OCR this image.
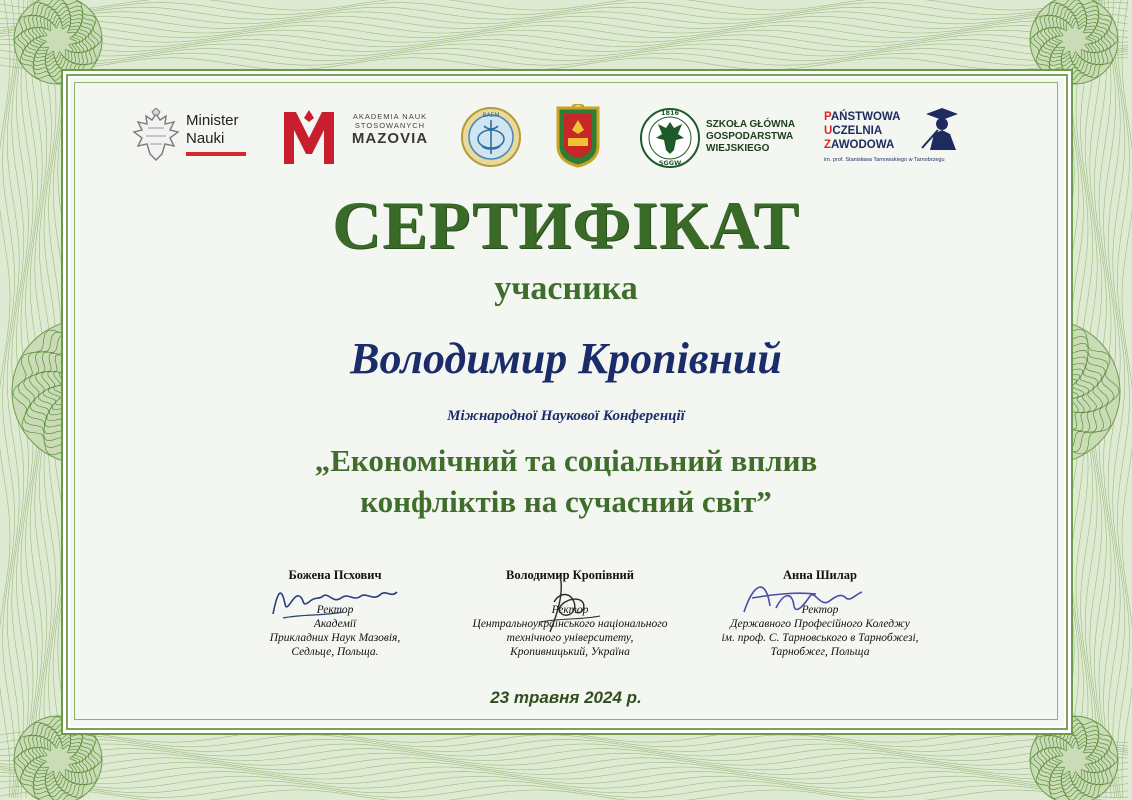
Minister
Nauki
AKADEMIA NAUK
STOSOWANYCH
MAZOVIA
BAEM	1816
SGGW
SZKOŁA GŁÓWNA
GOSPODARSTWA
WIEJSKIEGO
PAŃSTWOWA
UCZELNIA
ZAWODOWA
im. prof. Stanisława Tarnowskiego w Tarnobrzegu
СЕРТИФІКАТ
учасника
Володимир Кропівний
Міжнародної Наукової Конференції
„Економічний та соціальний вплив
конфліктів на сучасний світ”
Божена Псхович
Ректор
Академії
Прикладних Наук Мазовія,
Седльце, Польща.
Володимир Кропівний
Ректор
Центральноукраїнського національного
технічного університету,
Кропивницький, Україна
Анна Шилар
Ректор
Державного Професійного Коледжу
ім. проф. С. Тарновського в Тарнобжезі,
Тарнобжег, Польща
23 травня 2024 р.
